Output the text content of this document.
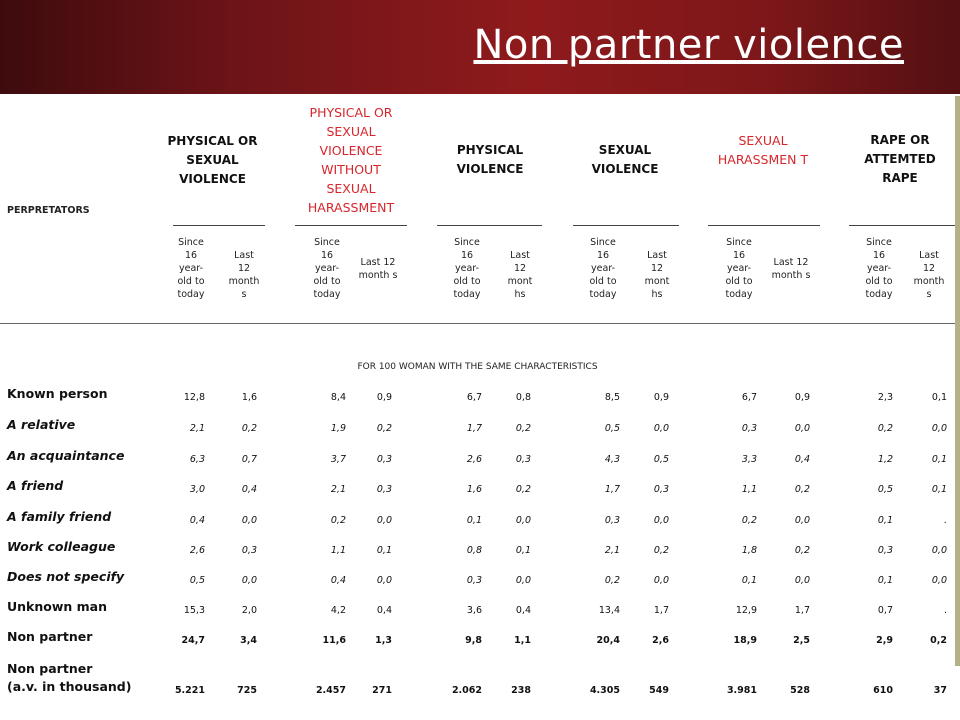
Non partner violence
PERPRETATORS
PHYSICAL OR SEXUAL VIOLENCE
PHYSICAL OR SEXUAL VIOLENCE WITHOUT SEXUAL HARASSMENT
PHYSICAL VIOLENCE
SEXUAL VIOLENCE
SEXUAL HARASSMEN T
RAPE OR ATTEMTED RAPE
Since 16 year-old to today
Last 12 month s
Since 16 year-old to today
Last 12 month s
Since 16 year-old to today
Last 12 mont hs
Since 16 year-old to today
Last 12 mont hs
Since 16 year-old to today
Last 12 month s
Since 16 year-old to today
Last 12 month s
FOR 100 WOMAN WITH THE SAME CHARACTERISTICS
Known person	12,8	1,6	8,4	0,9	6,7	0,8	8,5	0,9	6,7	0,9	2,3	0,1
A relative	2,1	0,2	1,9	0,2	1,7	0,2	0,5	0,0	0,3	0,0	0,2	0,0
An acquaintance	6,3	0,7	3,7	0,3	2,6	0,3	4,3	0,5	3,3	0,4	1,2	0,1
A friend	3,0	0,4	2,1	0,3	1,6	0,2	1,7	0,3	1,1	0,2	0,5	0,1
A family friend	0,4	0,0	0,2	0,0	0,1	0,0	0,3	0,0	0,2	0,0	0,1	.
Work colleague	2,6	0,3	1,1	0,1	0,8	0,1	2,1	0,2	1,8	0,2	0,3	0,0
Does not specify	0,5	0,0	0,4	0,0	0,3	0,0	0,2	0,0	0,1	0,0	0,1	0,0
Unknown man	15,3	2,0	4,2	0,4	3,6	0,4	13,4	1,7	12,9	1,7	0,7	.
Non partner	24,7	3,4	11,6	1,3	9,8	1,1	20,4	2,6	18,9	2,5	2,9	0,2
Non partner
(a.v. in thousand)	5.221	725	2.457	271	2.062	238	4.305	549	3.981	528	610	37
